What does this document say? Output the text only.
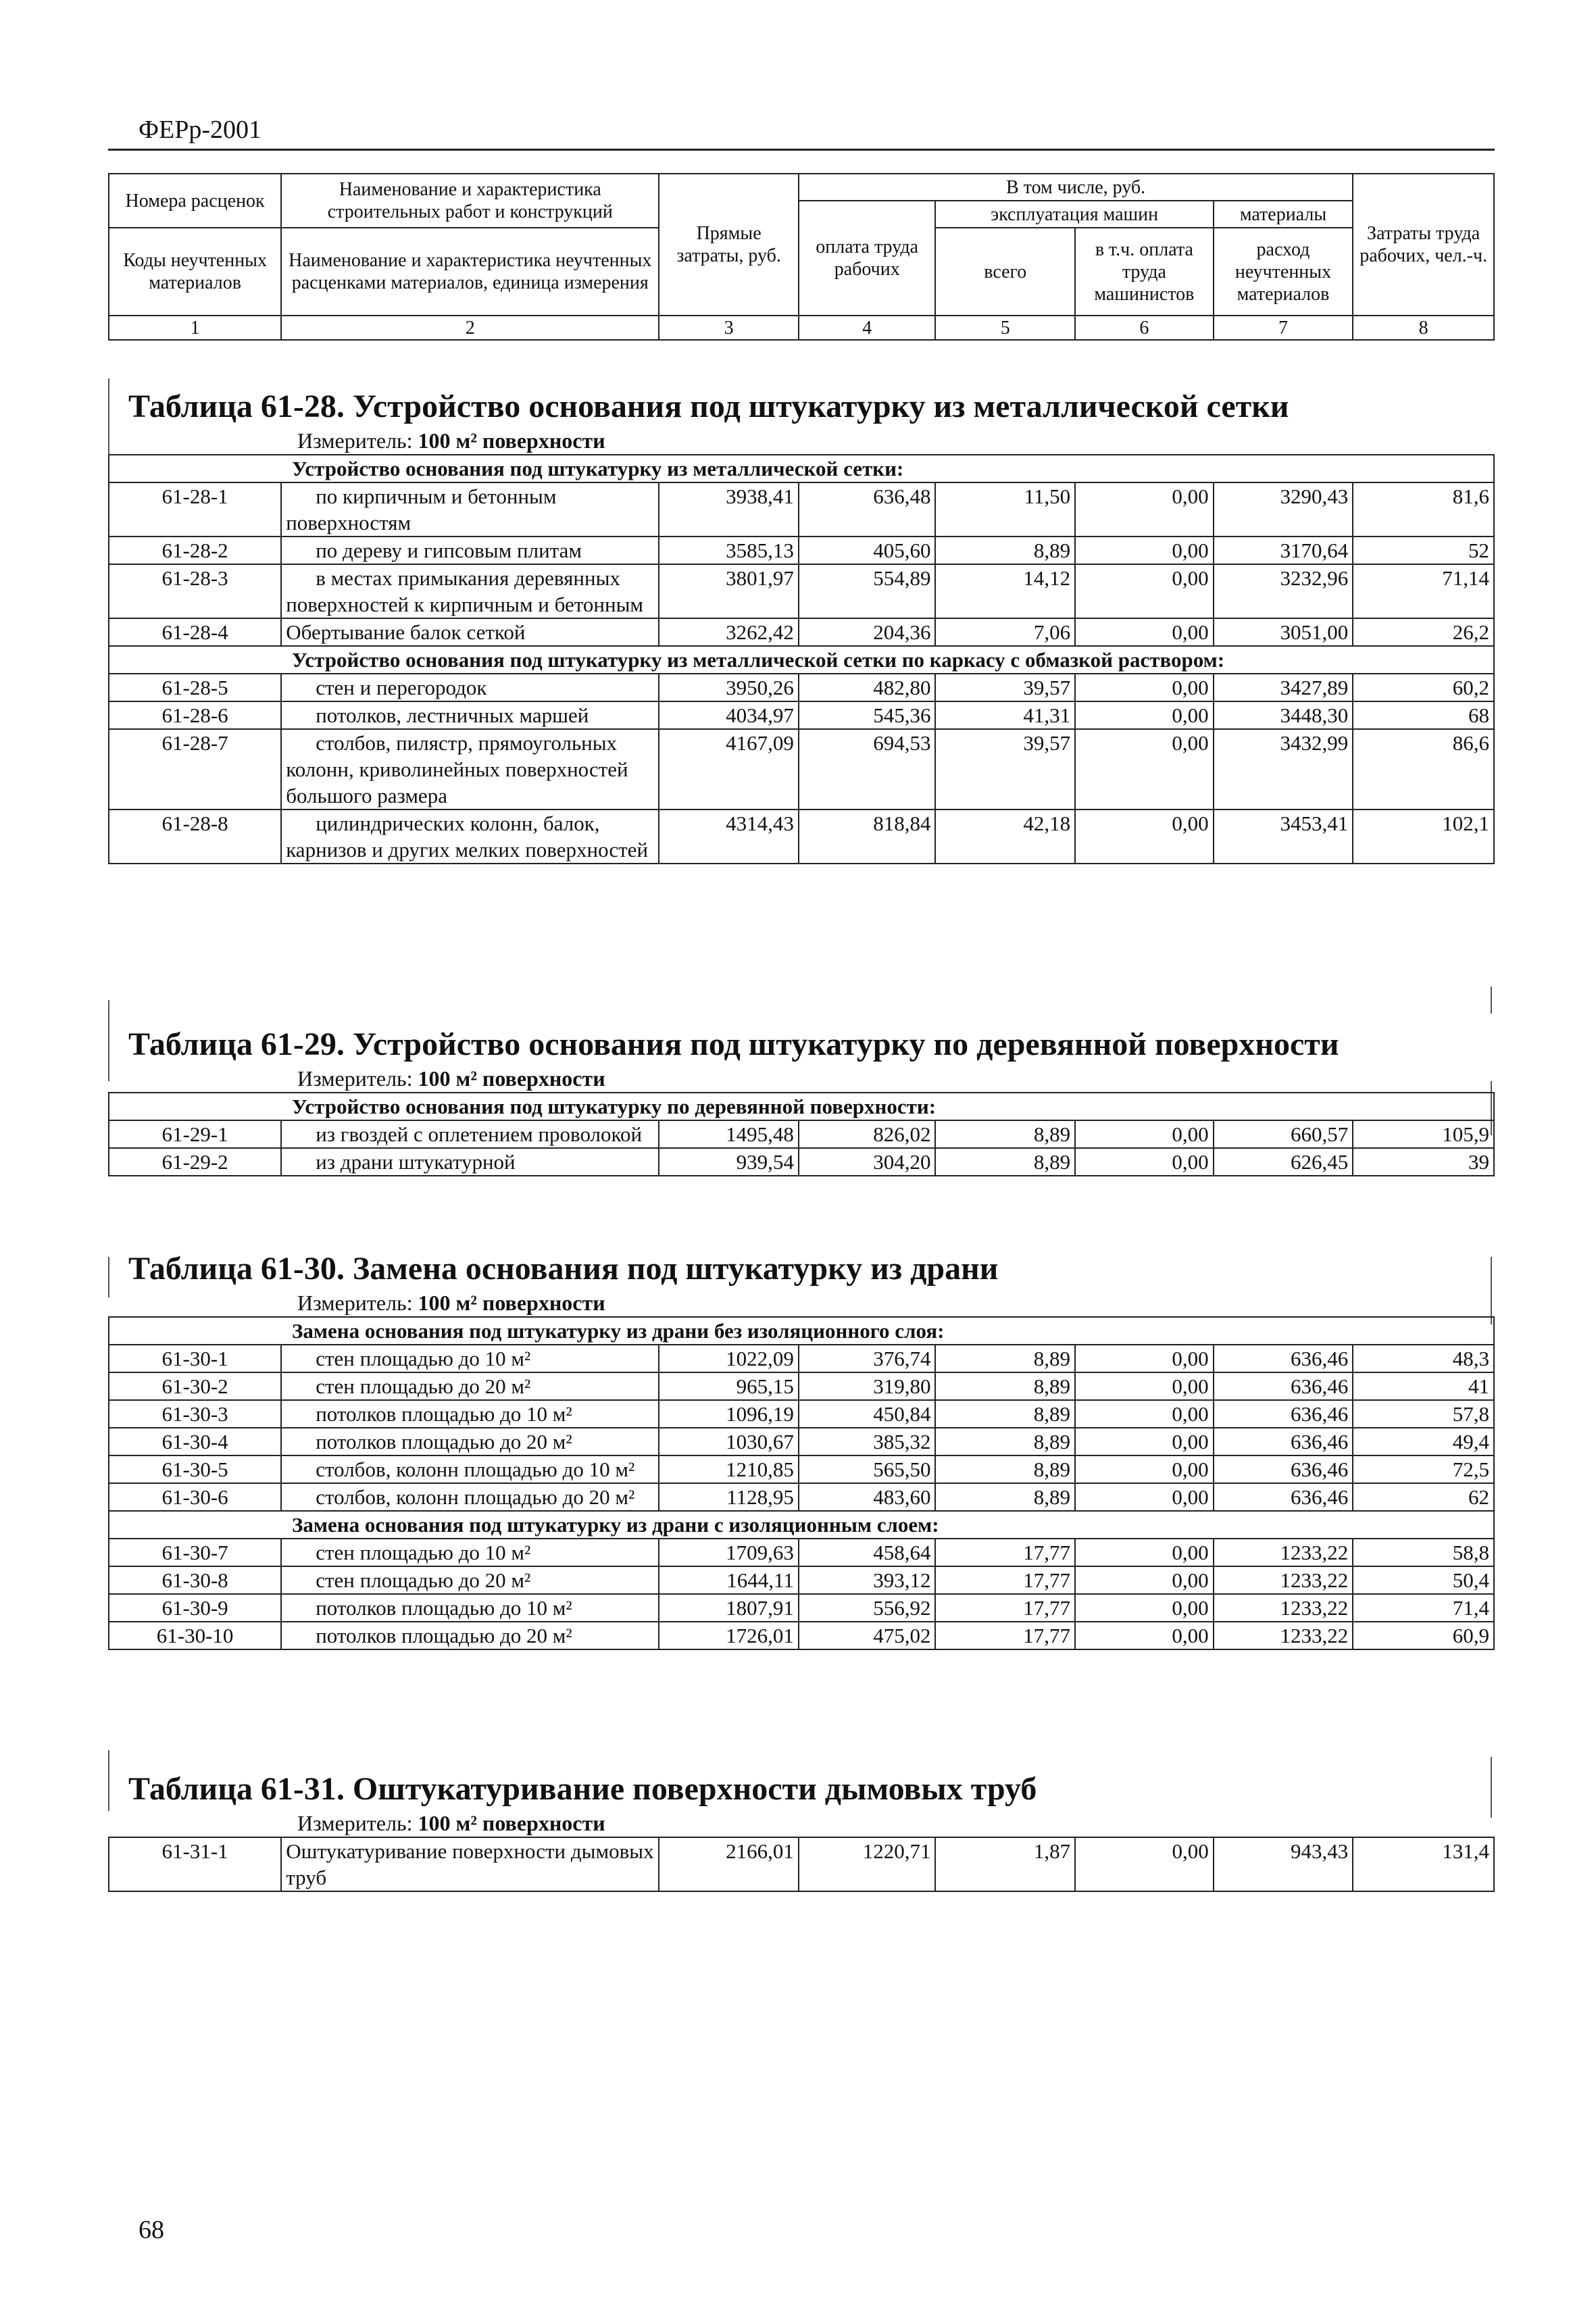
ФЕРр-2001
Номера расценок	Наименование и характеристика строительных работ и конструкций	Прямые затраты, руб.	В том числе, руб.				Затраты труда рабочих, чел.-ч.
			оплата труда рабочих	эксплуатация машин		материалы	
Коды неучтенных материалов	Наименование и характеристика неучтенных расценками материалов, единица измерения			всего	в т.ч. оплата труда машинистов	расход неучтенных материалов	

1	2	3	4	5	6	7	8
Таблица 61-28. Устройство основания под штукатурку из металлической сетки
Измеритель: 100 м² поверхности
Устройство основания под штукатурку из металлической сетки:							
61-28-1	по кирпичным и бетонным поверхностям	3938,41	636,48	11,50	0,00	3290,43	81,6
61-28-2	по дереву и гипсовым плитам	3585,13	405,60	8,89	0,00	3170,64	52
61-28-3	в местах примыкания деревянных поверхностей к кирпичным и бетонным	3801,97	554,89	14,12	0,00	3232,96	71,14
61-28-4	Обертывание балок сеткой	3262,42	204,36	7,06	0,00	3051,00	26,2
Устройство основания под штукатурку из металлической сетки по каркасу с обмазкой раствором:							
61-28-5	стен и перегородок	3950,26	482,80	39,57	0,00	3427,89	60,2
61-28-6	потолков, лестничных маршей	4034,97	545,36	41,31	0,00	3448,30	68
61-28-7	столбов, пилястр, прямоугольных колонн, криволинейных поверхностей большого размера	4167,09	694,53	39,57	0,00	3432,99	86,6
61-28-8	цилиндрических колонн, балок, карнизов и других мелких поверхностей	4314,43	818,84	42,18	0,00	3453,41	102,1
Таблица 61-29. Устройство основания под штукатурку по деревянной поверхности
Измеритель: 100 м² поверхности
Устройство основания под штукатурку по деревянной поверхности:							
61-29-1	из гвоздей с оплетением проволокой	1495,48	826,02	8,89	0,00	660,57	105,9
61-29-2	из драни штукатурной	939,54	304,20	8,89	0,00	626,45	39
Таблица 61-30. Замена основания под штукатурку из драни
Измеритель: 100 м² поверхности
Замена основания под штукатурку из драни без изоляционного слоя:							
61-30-1	стен площадью до 10 м²	1022,09	376,74	8,89	0,00	636,46	48,3
61-30-2	стен площадью до 20 м²	965,15	319,80	8,89	0,00	636,46	41
61-30-3	потолков площадью до 10 м²	1096,19	450,84	8,89	0,00	636,46	57,8
61-30-4	потолков площадью до 20 м²	1030,67	385,32	8,89	0,00	636,46	49,4
61-30-5	столбов, колонн площадью до 10 м²	1210,85	565,50	8,89	0,00	636,46	72,5
61-30-6	столбов, колонн площадью до 20 м²	1128,95	483,60	8,89	0,00	636,46	62
Замена основания под штукатурку из драни с изоляционным слоем:							
61-30-7	стен площадью до 10 м²	1709,63	458,64	17,77	0,00	1233,22	58,8
61-30-8	стен площадью до 20 м²	1644,11	393,12	17,77	0,00	1233,22	50,4
61-30-9	потолков площадью до 10 м²	1807,91	556,92	17,77	0,00	1233,22	71,4
61-30-10	потолков площадью до 20 м²	1726,01	475,02	17,77	0,00	1233,22	60,9
Таблица 61-31. Оштукатуривание поверхности дымовых труб
Измеритель: 100 м² поверхности
61-31-1	Оштукатуривание поверхности дымовых труб	2166,01	1220,71	1,87	0,00	943,43	131,4
68
